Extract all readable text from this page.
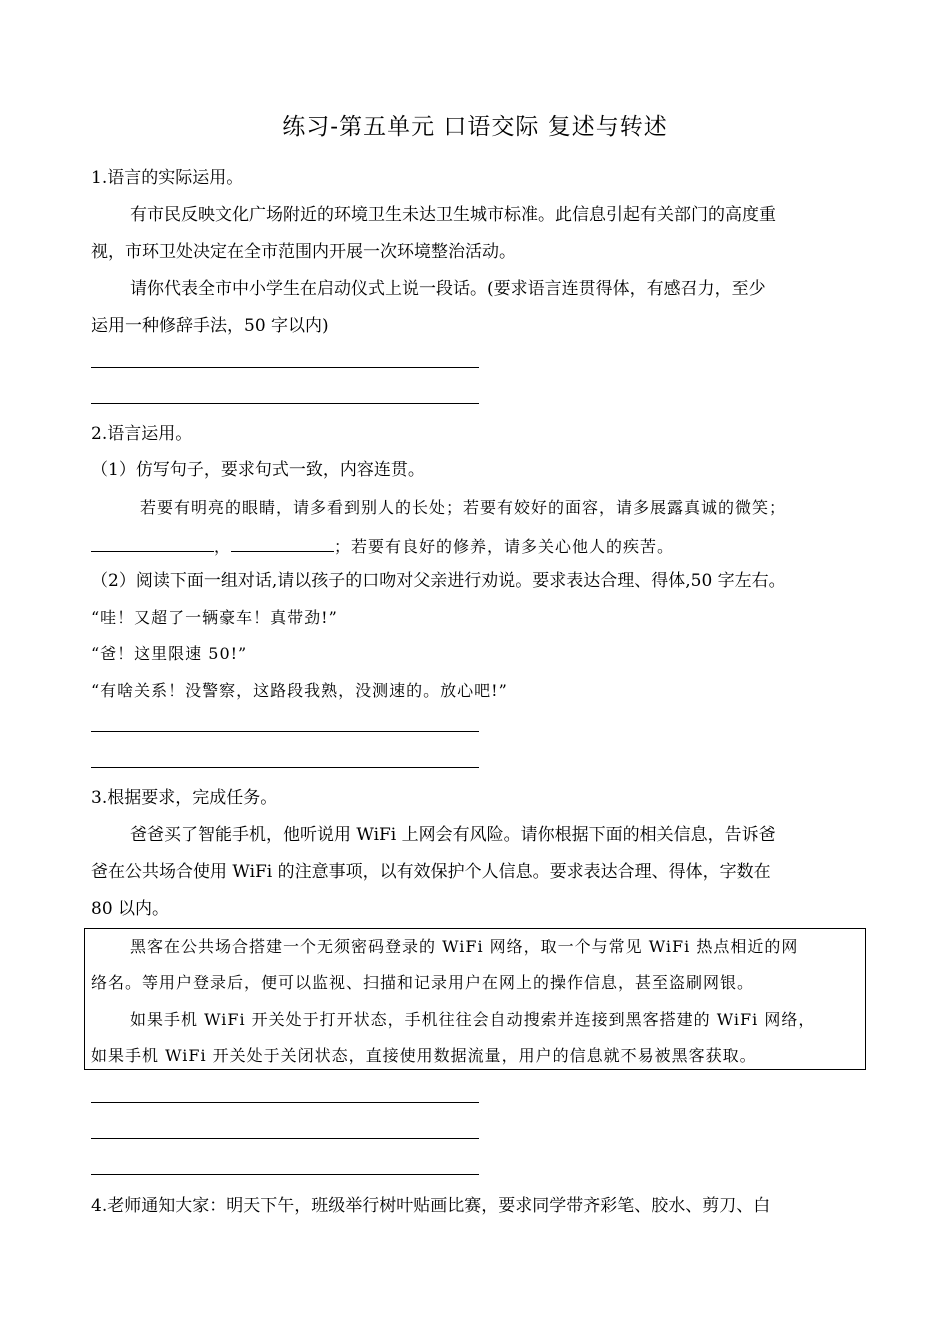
练习-第五单元 口语交际 复述与转述
1.语言的实际运用。
有市民反映文化广场附近的环境卫生未达卫生城市标准。此信息引起有关部门的高度重
视，市环卫处决定在全市范围内开展一次环境整治活动。
请你代表全市中小学生在启动仪式上说一段话。(要求语言连贯得体，有感召力，至少
运用一种修辞手法，50 字以内)
2.语言运用。
（1）仿写句子，要求句式一致，内容连贯。
若要有明亮的眼睛，请多看到别人的长处；若要有姣好的面容，请多展露真诚的微笑；
，	；若要有良好的修养，请多关心他人的疾苦。
（2）阅读下面一组对话,请以孩子的口吻对父亲进行劝说。要求表达合理、得体,50 字左右。
“哇！又超了一辆豪车！真带劲!”
“爸！这里限速 50!”
“有啥关系！没警察，这路段我熟，没测速的。放心吧!”
3.根据要求，完成任务。
爸爸买了智能手机，他听说用 WiFi 上网会有风险。请你根据下面的相关信息，告诉爸
爸在公共场合使用 WiFi 的注意事项，以有效保护个人信息。要求表达合理、得体，字数在
80 以内。
黑客在公共场合搭建一个无须密码登录的 WiFi 网络，取一个与常见 WiFi 热点相近的网
络名。等用户登录后，便可以监视、扫描和记录用户在网上的操作信息，甚至盗刷网银。
如果手机 WiFi 开关处于打开状态，手机往往会自动搜索并连接到黑客搭建的 WiFi 网络，
如果手机 WiFi 开关处于关闭状态，直接使用数据流量，用户的信息就不易被黑客获取。
4.老师通知大家：明天下午，班级举行树叶贴画比赛，要求同学带齐彩笔、胶水、剪刀、白
